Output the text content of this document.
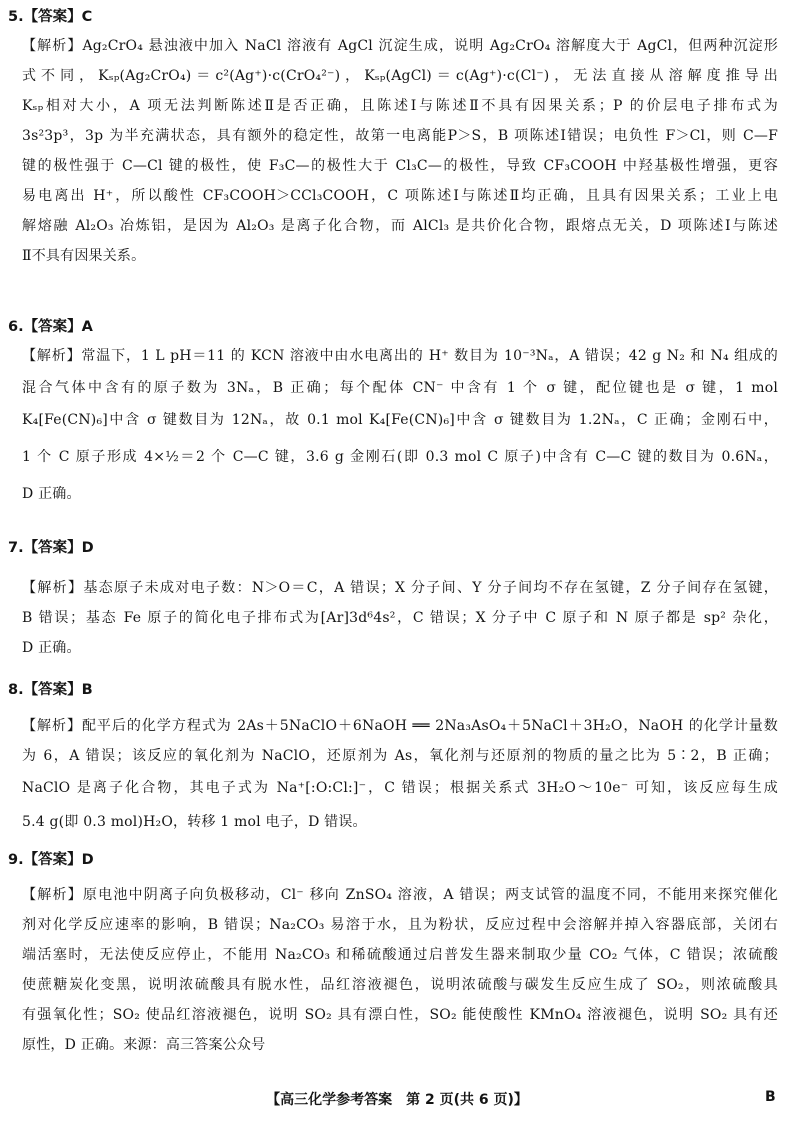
5.【答案】C
【解析】Ag₂CrO₄ 悬浊液中加入 NaCl 溶液有 AgCl 沉淀生成，说明 Ag₂CrO₄ 溶解度大于 AgCl，但两种沉淀形
式不同，Kₛₚ(Ag₂CrO₄)＝c²(Ag⁺)·c(CrO₄²⁻)，Kₛₚ(AgCl)＝c(Ag⁺)·c(Cl⁻)，无法直接从溶解度推导出
Kₛₚ相对大小，A 项无法判断陈述Ⅱ是否正确，且陈述Ⅰ与陈述Ⅱ不具有因果关系；P 的价层电子排布式为
3s²3p³，3p 为半充满状态，具有额外的稳定性，故第一电离能P＞S，B 项陈述Ⅰ错误；电负性 F＞Cl，则 C—F
键的极性强于 C—Cl 键的极性，使 F₃C—的极性大于 Cl₃C—的极性，导致 CF₃COOH 中羟基极性增强，更容
易电离出 H⁺，所以酸性 CF₃COOH＞CCl₃COOH，C 项陈述Ⅰ与陈述Ⅱ均正确，且具有因果关系；工业上电
解熔融 Al₂O₃ 冶炼铝，是因为 Al₂O₃ 是离子化合物，而 AlCl₃ 是共价化合物，跟熔点无关，D 项陈述Ⅰ与陈述
Ⅱ不具有因果关系。
6.【答案】A
【解析】常温下，1 L pH＝11 的 KCN 溶液中由水电离出的 H⁺ 数目为 10⁻³Nₐ，A 错误；42 g N₂ 和 N₄ 组成的
混合气体中含有的原子数为 3Nₐ，B 正确；每个配体 CN⁻ 中含有 1 个 σ 键，配位键也是 σ 键，1 mol
K₄[Fe(CN)₆]中含 σ 键数目为 12Nₐ，故 0.1 mol K₄[Fe(CN)₆]中含 σ 键数目为 1.2Nₐ，C 正确；金刚石中，
1 个 C 原子形成 4×½＝2 个 C—C 键，3.6 g 金刚石(即 0.3 mol C 原子)中含有 C—C 键的数目为 0.6Nₐ，
D 正确。
7.【答案】D
【解析】基态原子未成对电子数：N＞O＝C，A 错误；X 分子间、Y 分子间均不存在氢键，Z 分子间存在氢键，
B 错误；基态 Fe 原子的简化电子排布式为[Ar]3d⁶4s²，C 错误；X 分子中 C 原子和 N 原子都是 sp² 杂化，
D 正确。
8.【答案】B
【解析】配平后的化学方程式为 2As＋5NaClO＋6NaOH ══ 2Na₃AsO₄＋5NaCl＋3H₂O，NaOH 的化学计量数
为 6，A 错误；该反应的氧化剂为 NaClO，还原剂为 As，氧化剂与还原剂的物质的量之比为 5∶2，B 正确；
NaClO 是离子化合物，其电子式为 Na⁺[:O:Cl:]⁻，C 错误；根据关系式 3H₂O～10e⁻ 可知，该反应每生成
5.4 g(即 0.3 mol)H₂O，转移 1 mol 电子，D 错误。
9.【答案】D
【解析】原电池中阴离子向负极移动，Cl⁻ 移向 ZnSO₄ 溶液，A 错误；两支试管的温度不同，不能用来探究催化
剂对化学反应速率的影响，B 错误；Na₂CO₃ 易溶于水，且为粉状，反应过程中会溶解并掉入容器底部，关闭右
端活塞时，无法使反应停止，不能用 Na₂CO₃ 和稀硫酸通过启普发生器来制取少量 CO₂ 气体，C 错误；浓硫酸
使蔗糖炭化变黑，说明浓硫酸具有脱水性，品红溶液褪色，说明浓硫酸与碳发生反应生成了 SO₂，则浓硫酸具
有强氧化性；SO₂ 使品红溶液褪色，说明 SO₂ 具有漂白性，SO₂ 能使酸性 KMnO₄ 溶液褪色，说明 SO₂ 具有还
原性，D 正确。来源：高三答案公众号
【高三化学参考答案　第 2 页(共 6 页)】	B
